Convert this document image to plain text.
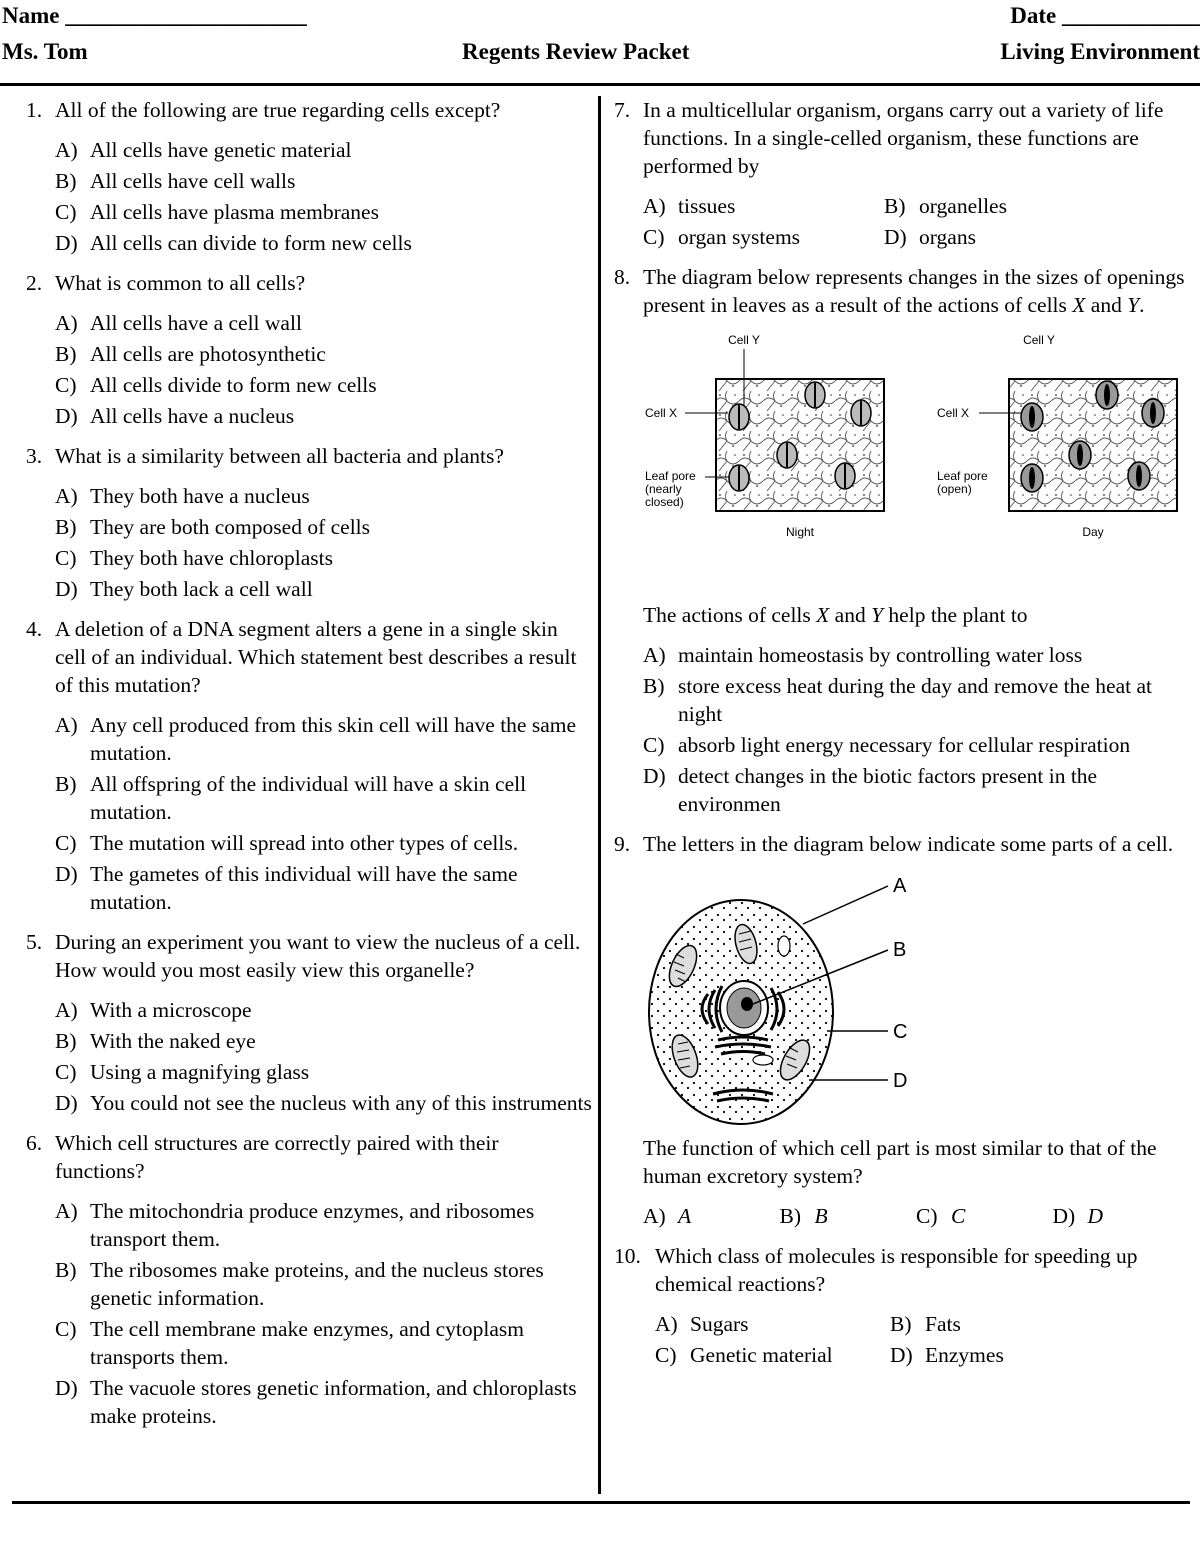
Name _____________________	Date ____________
Ms. Tom	Regents Review Packet	Living Environment
1. All of the following are true regarding cells except?
A) All cells have genetic material
B) All cells have cell walls
C) All cells have plasma membranes
D) All cells can divide to form new cells
2. What is common to all cells?
A) All cells have a cell wall
B) All cells are photosynthetic
C) All cells divide to form new cells
D) All cells have a nucleus
3. What is a similarity between all bacteria and plants?
A) They both have a nucleus
B) They are both composed of cells
C) They both have chloroplasts
D) They both lack a cell wall
4. A deletion of a DNA segment alters a gene in a single skin cell of an individual. Which statement best describes a result of this mutation?
A) Any cell produced from this skin cell will have the same mutation.
B) All offspring of the individual will have a skin cell mutation.
C) The mutation will spread into other types of cells.
D) The gametes of this individual will have the same mutation.
5. During an experiment you want to view the nucleus of a cell. How would you most easily view this organelle?
A) With a microscope
B) With the naked eye
C) Using a magnifying glass
D) You could not see the nucleus with any of this instruments
6. Which cell structures are correctly paired with their functions?
A) The mitochondria produce enzymes, and ribosomes transport them.
B) The ribosomes make proteins, and the nucleus stores genetic information.
C) The cell membrane make enzymes, and cytoplasm transports them.
D) The vacuole stores genetic information, and chloroplasts make proteins.
7. In a multicellular organism, organs carry out a variety of life functions. In a single-celled organism, these functions are performed by
A) tissues	B) organelles
C) organ systems	D) organs
8. The diagram below represents changes in the sizes of openings present in leaves as a result of the actions of cells X and Y.
Cell Y
Cell X
Leaf pore
(nearly
closed)
Night
Cell Y
Cell X
Leaf pore
(open)
Day
The actions of cells X and Y help the plant to
A) maintain homeostasis by controlling water loss
B) store excess heat during the day and remove the heat at night
C) absorb light energy necessary for cellular respiration
D) detect changes in the biotic factors present in the environmen
9. The letters in the diagram below indicate some parts of a cell.
A
B
C
D
The function of which cell part is most similar to that of the human excretory system?
A) A	B) B	C) C	D) D
10. Which class of molecules is responsible for speeding up chemical reactions?
A) Sugars	B) Fats
C) Genetic material	D) Enzymes
